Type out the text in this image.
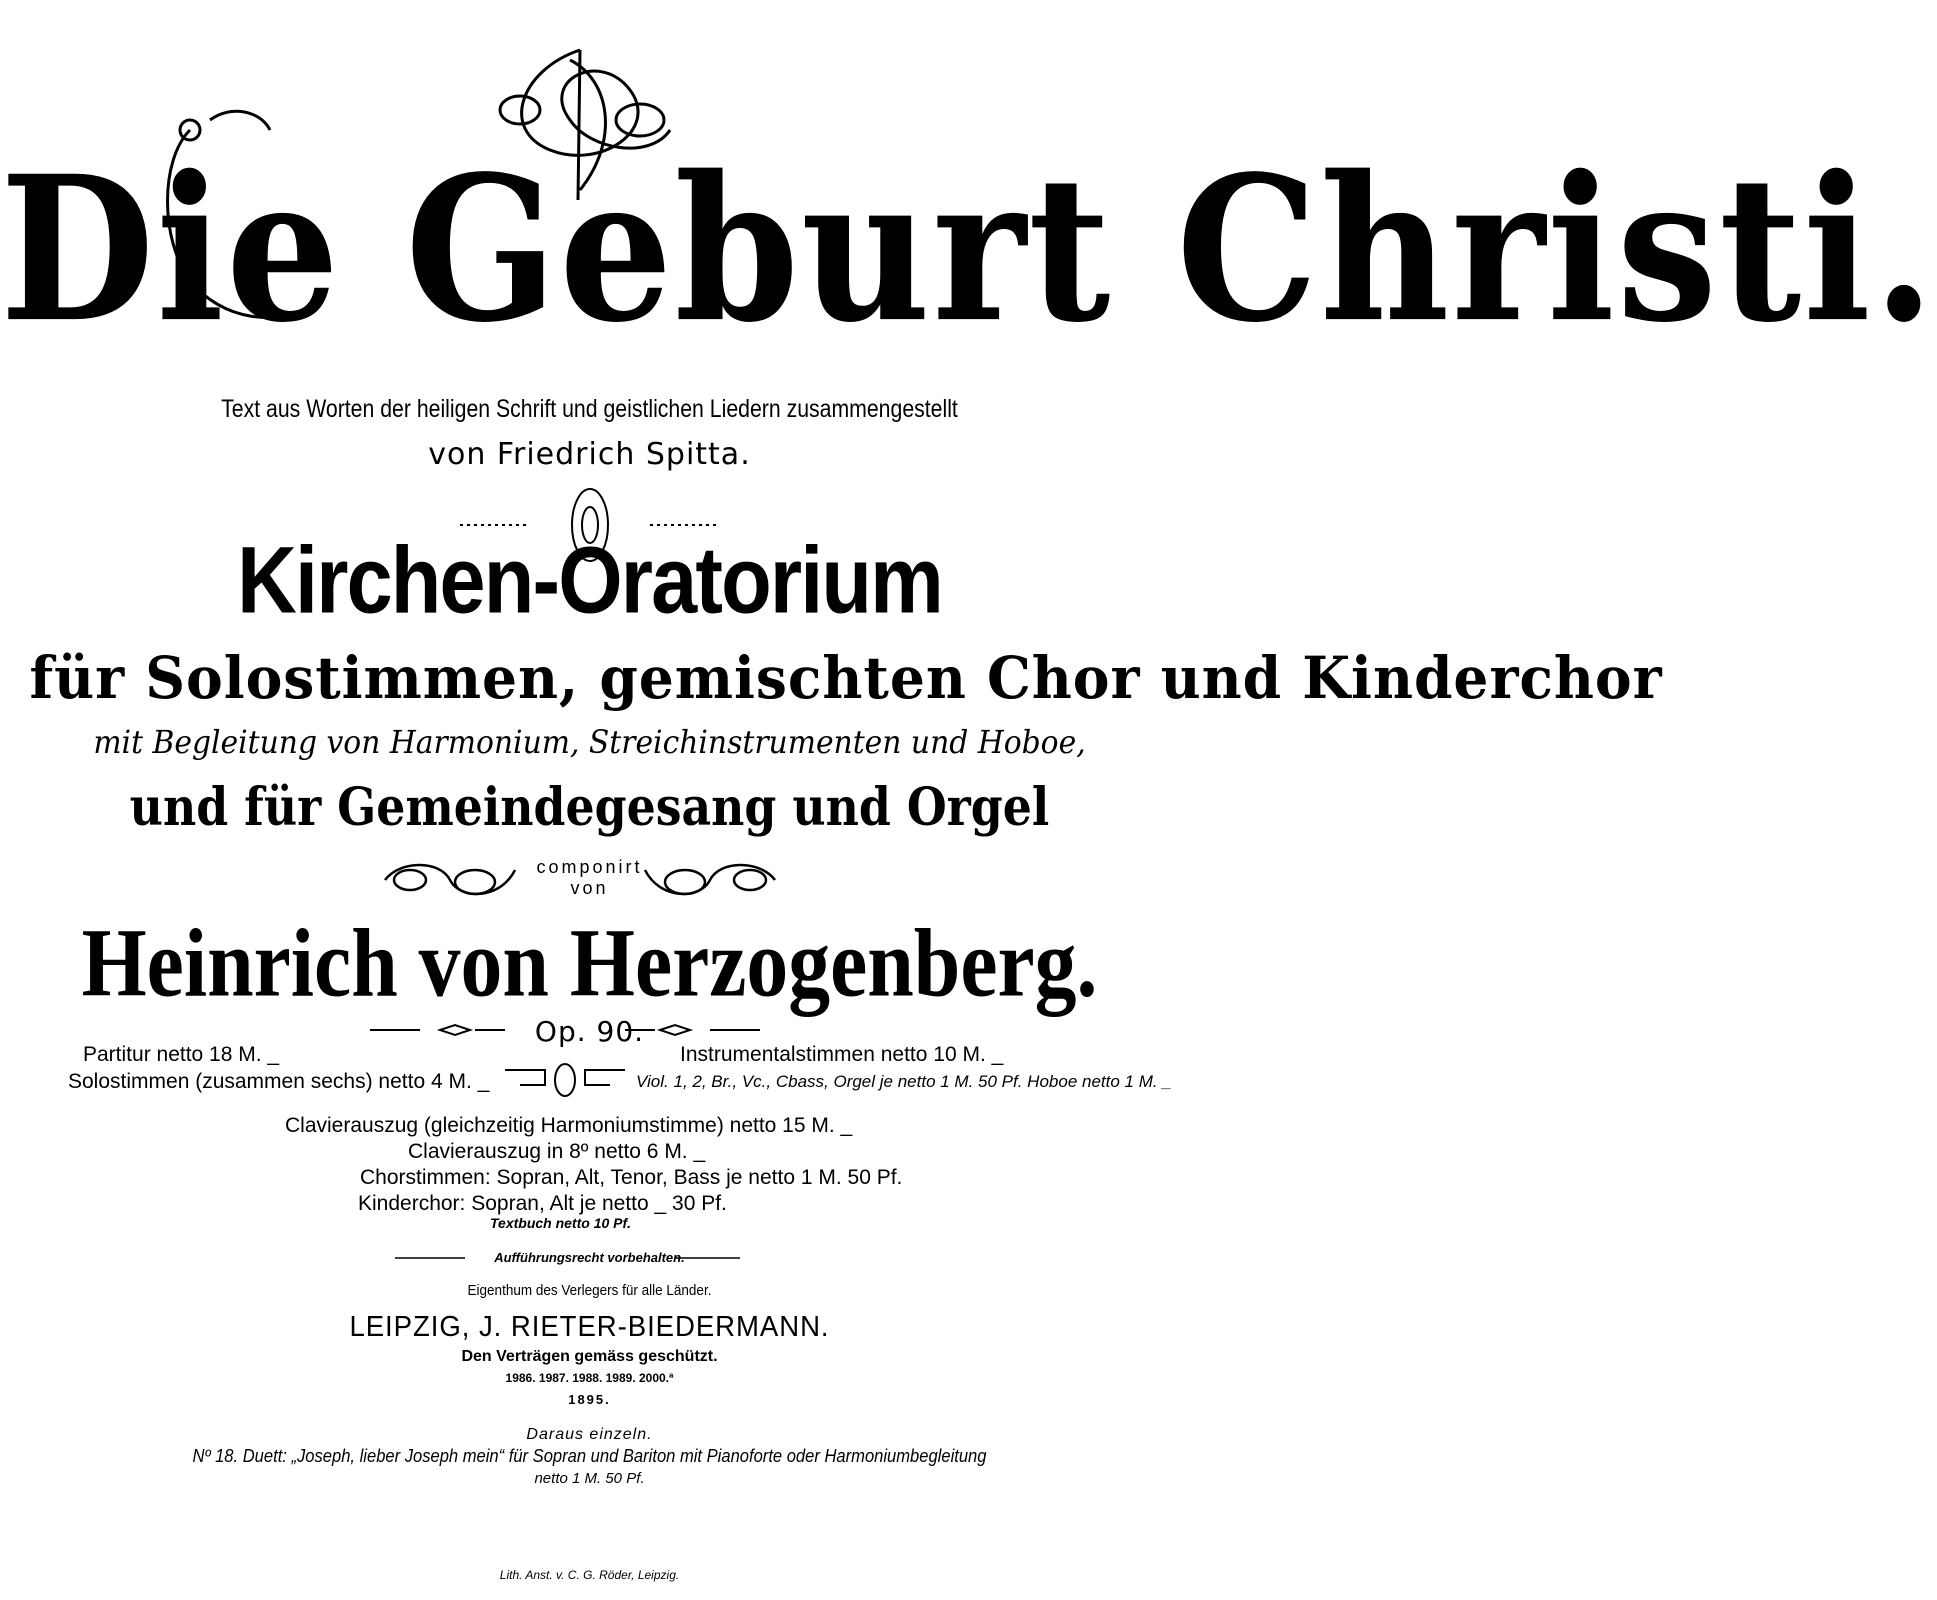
Die Geburt Christi.
Text aus Worten der heiligen Schrift und geistlichen Liedern zusammengestellt
von Friedrich Spitta.
Kirchen-Oratorium
für Solostimmen, gemischten Chor und Kinderchor
mit Begleitung von Harmonium, Streichinstrumenten und Hoboe,
und für Gemeindegesang und Orgel
componirt
von
Heinrich von Herzogenberg.
Op. 90.
Partitur netto 18 M. _
Solostimmen (zusammen sechs) netto 4 M. _
Instrumentalstimmen netto 10 M. _
Viol. 1, 2, Br., Vc., Cbass, Orgel je netto 1 M. 50 Pf. Hoboe netto 1 M. _
Clavierauszug (gleichzeitig Harmoniumstimme) netto 15 M. _
Clavierauszug in 8º netto 6 M. _
Chorstimmen: Sopran, Alt, Tenor, Bass je netto 1 M. 50 Pf.
Kinderchor: Sopran, Alt je netto _ 30 Pf.
Textbuch netto 10 Pf.
Aufführungsrecht vorbehalten.
Eigenthum des Verlegers für alle Länder.
LEIPZIG, J. RIETER-BIEDERMANN.
Den Verträgen gemäss geschützt.
1986. 1987. 1988. 1989. 2000.ª
1895.
Daraus einzeln.
Nº 18. Duett: „Joseph, lieber Joseph mein“ für Sopran und Bariton mit Pianoforte oder Harmoniumbegleitung
netto 1 M. 50 Pf.
Lith. Anst. v. C. G. Röder, Leipzig.
